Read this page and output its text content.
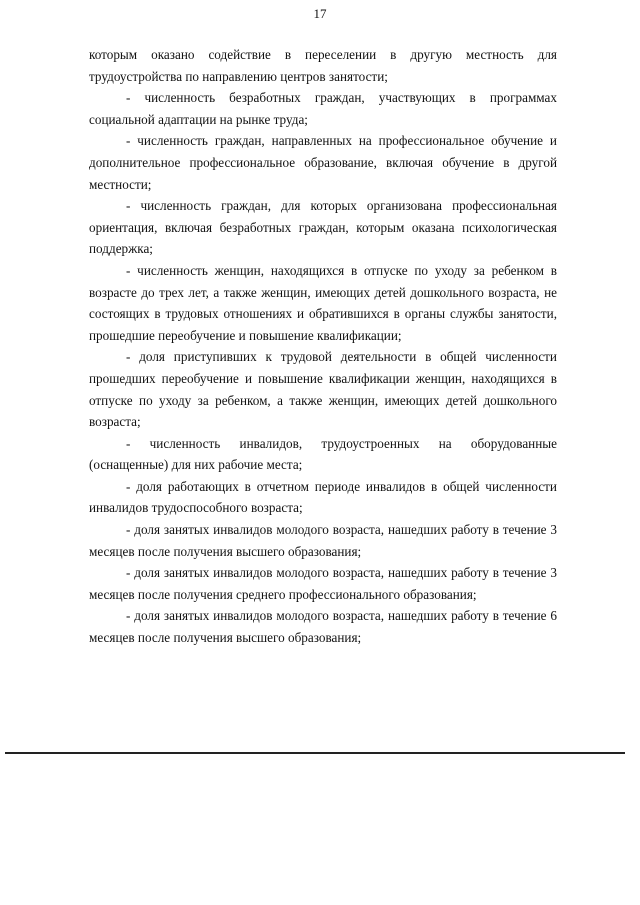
17

которым оказано содействие в переселении в другую местность для трудоустройства по направлению центров занятости;

- численность безработных граждан, участвующих в программах социальной адаптации на рынке труда;

- численность граждан, направленных на профессиональное обучение и дополнительное профессиональное образование, включая обучение в другой местности;

- численность граждан, для которых организована профессиональная ориентация, включая безработных граждан, которым оказана психологическая поддержка;

- численность женщин, находящихся в отпуске по уходу за ребенком в возрасте до трех лет, а также женщин, имеющих детей дошкольного возраста, не состоящих в трудовых отношениях и обратившихся в органы службы занятости, прошедшие переобучение и повышение квалификации;

- доля приступивших к трудовой деятельности в общей численности прошедших переобучение и повышение квалификации женщин, находящихся в отпуске по уходу за ребенком, а также женщин, имеющих детей дошкольного возраста;

- численность инвалидов, трудоустроенных на оборудованные (оснащенные) для них рабочие места;

- доля работающих в отчетном периоде инвалидов в общей численности инвалидов трудоспособного возраста;

- доля занятых инвалидов молодого возраста, нашедших работу в течение 3 месяцев после получения высшего образования;

- доля занятых инвалидов молодого возраста, нашедших работу в течение 3 месяцев после получения среднего профессионального образования;

- доля занятых инвалидов молодого возраста, нашедших работу в течение 6 месяцев после получения высшего образования;
